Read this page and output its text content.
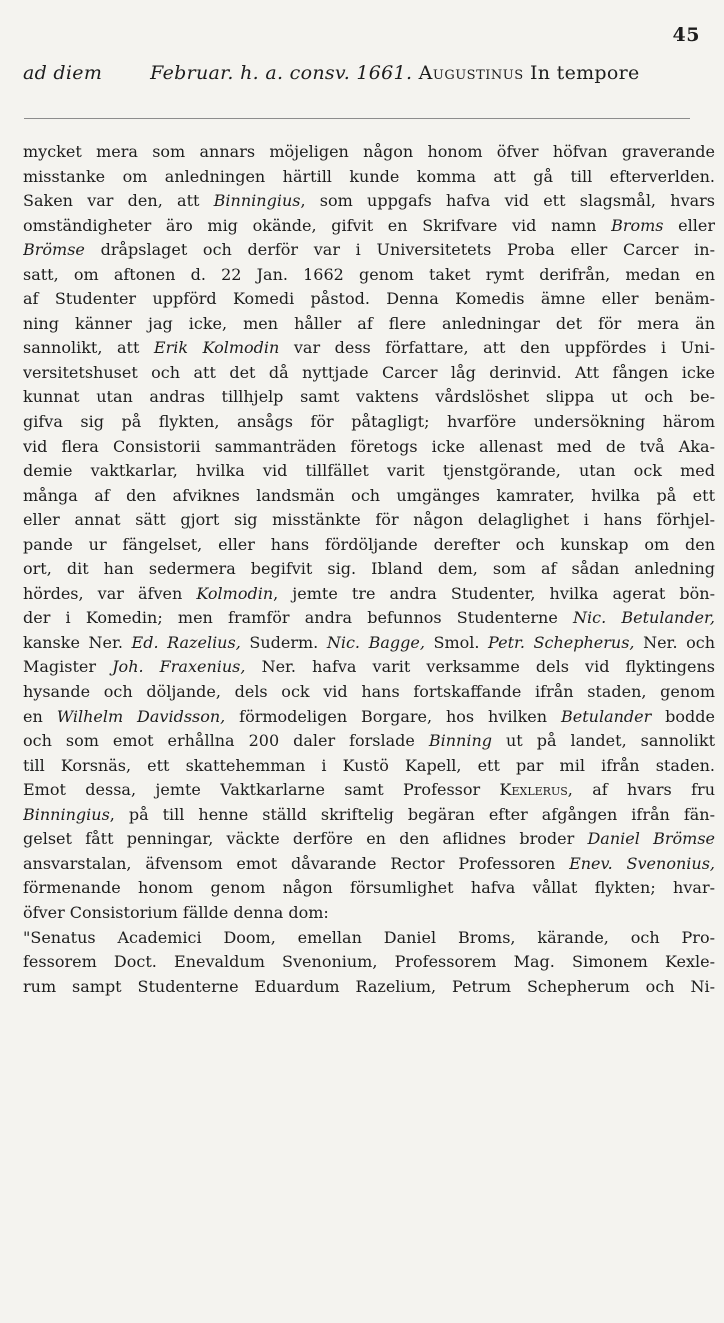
45
ad diem	Februar. h. a. consv. 1661. Augustinus In tempore
mycket mera som annars möjeligen någon honom öfver höfvan graverande
misstanke om anledningen härtill kunde komma att gå till efterverlden.
Saken var den, att Binningius, som uppgafs hafva vid ett slagsmål, hvars
omständigheter äro mig okände, gifvit en Skrifvare vid namn Broms eller
Brömse dråpslaget och derför var i Universitetets Proba eller Carcer in-
satt, om aftonen d. 22 Jan. 1662 genom taket rymt derifrån, medan en
af Studenter uppförd Komedi påstod. Denna Komedis ämne eller benäm-
ning känner jag icke, men håller af flere anledningar det för mera än
sannolikt, att Erik Kolmodin var dess författare, att den uppfördes i Uni-
versitetshuset och att det då nyttjade Carcer låg derinvid. Att fången icke
kunnat utan andras tillhjelp samt vaktens vårdslöshet slippa ut och be-
gifva sig på flykten, ansågs för påtagligt; hvarföre undersökning härom
vid flera Consistorii sammanträden företogs icke allenast med de två Aka-
demie vaktkarlar, hvilka vid tillfället varit tjenstgörande, utan ock med
många af den afviknes landsmän och umgänges kamrater, hvilka på ett
eller annat sätt gjort sig misstänkte för någon delaglighet i hans förhjel-
pande ur fängelset, eller hans fördöljande derefter och kunskap om den
ort, dit han sedermera begifvit sig. Ibland dem, som af sådan anledning
hördes, var äfven Kolmodin, jemte tre andra Studenter, hvilka agerat bön-
der i Komedin; men framför andra befunnos Studenterne Nic. Betulander,
kanske Ner. Ed. Razelius, Suderm. Nic. Bagge, Smol. Petr. Schepherus, Ner. och
Magister Joh. Fraxenius, Ner. hafva varit verksamme dels vid flyktingens
hysande och döljande, dels ock vid hans fortskaffande ifrån staden, genom
en Wilhelm Davidsson, förmodeligen Borgare, hos hvilken Betulander bodde
och som emot erhållna 200 daler forslade Binning ut på landet, sannolikt
till Korsnäs, ett skattehemman i Kustö Kapell, ett par mil ifrån staden.
Emot dessa, jemte Vaktkarlarne samt Professor Kexlerus, af hvars fru
Binningius, på till henne ställd skriftelig begäran efter afgången ifrån fän-
gelset fått penningar, väckte derföre en den aflidnes broder Daniel Brömse
ansvarstalan, äfvensom emot dåvarande Rector Professoren Enev. Svenonius,
förmenande honom genom någon försumlighet hafva vållat flykten; hvar-
öfver Consistorium fällde denna dom:
"Senatus Academici Doom, emellan Daniel Broms, kärande, och Pro-
fessorem Doct. Enevaldum Svenonium, Professorem Mag. Simonem Kexle-
rum sampt Studenterne Eduardum Razelium, Petrum Schepherum och Ni-
